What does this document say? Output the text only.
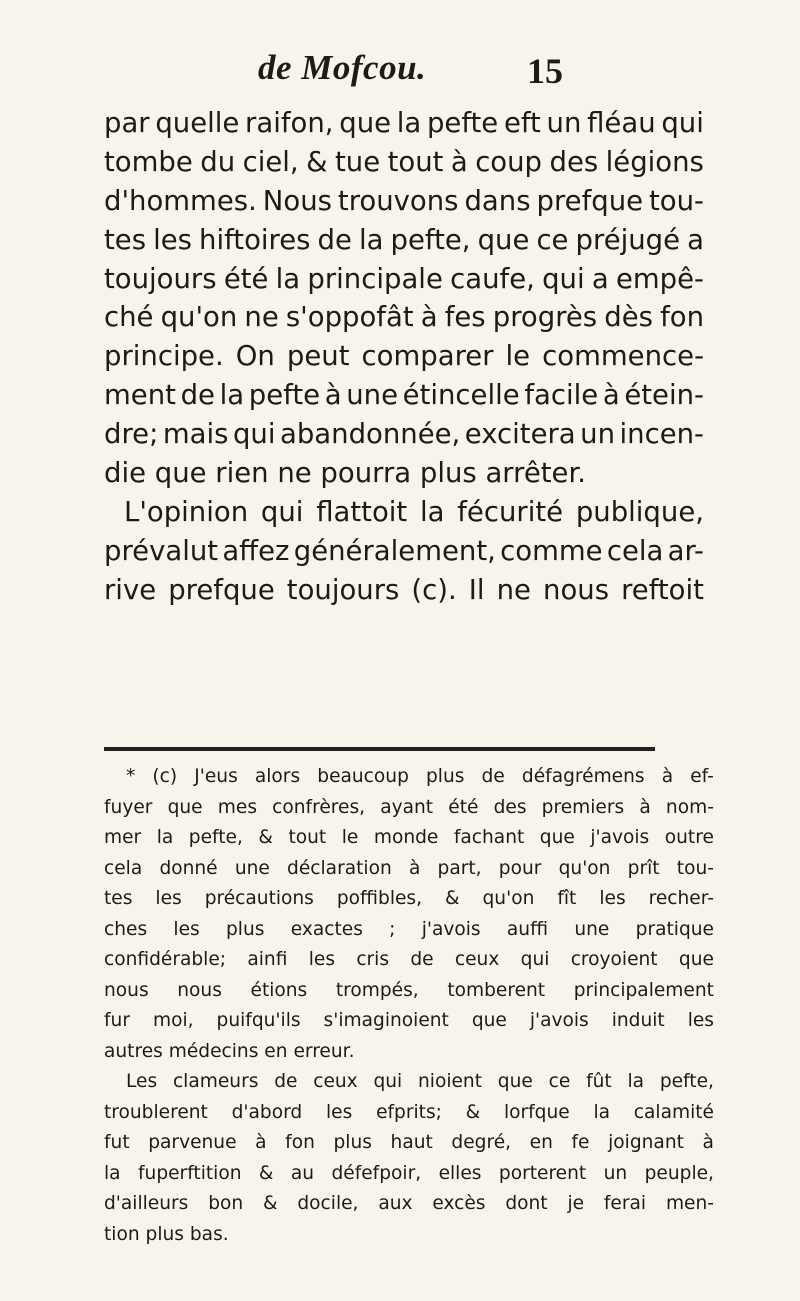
de Mofcou.	15
par quelle raifon, que la pefte eft un fléau qui
tombe du ciel, & tue tout à coup des légions
d'hommes. Nous trouvons dans prefque tou-
tes les hiftoires de la pefte, que ce préjugé a
toujours été la principale caufe, qui a empê-
ché qu'on ne s'oppofât à fes progrès dès fon
principe. On peut comparer le commence-
ment de la pefte à une étincelle facile à étein-
dre; mais qui abandonnée, excitera un incen-
die que rien ne pourra plus arrêter.
L'opinion qui flattoit la fécurité publique,
prévalut affez généralement, comme cela ar-
rive prefque toujours (c). Il ne nous reftoit
* (c) J'eus alors beaucoup plus de défagrémens à ef-
fuyer que mes confrères, ayant été des premiers à nom-
mer la pefte, & tout le monde fachant que j'avois outre
cela donné une déclaration à part, pour qu'on prît tou-
tes les précautions poffibles, & qu'on fît les recher-
ches les plus exactes ; j'avois auffi une pratique
confidérable; ainfi les cris de ceux qui croyoient que
nous nous étions trompés, tomberent principalement
fur moi, puifqu'ils s'imaginoient que j'avois induit les
autres médecins en erreur.
Les clameurs de ceux qui nioient que ce fût la pefte,
troublerent d'abord les efprits; & lorfque la calamité
fut parvenue à fon plus haut degré, en fe joignant à
la fuperftition & au défefpoir, elles porterent un peuple,
d'ailleurs bon & docile, aux excès dont je ferai men-
tion plus bas.
